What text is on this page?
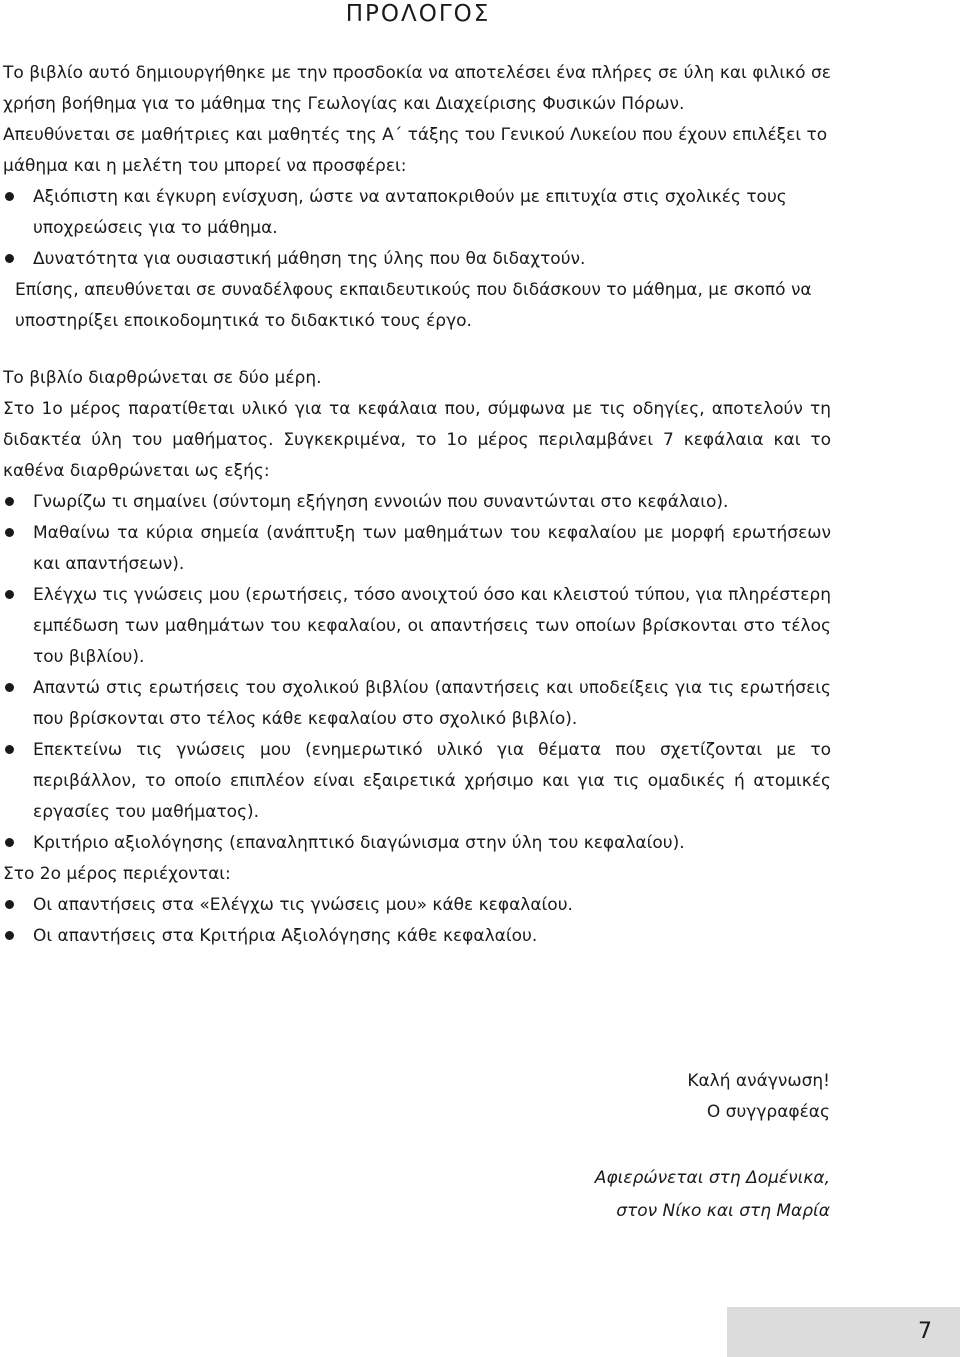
ΠΡΟΛΟΓΟΣ

Το βιβλίο αυτό δημιουργήθηκε με την προσδοκία να αποτελέσει ένα πλήρες σε ύλη και φιλικό σε χρήση βοήθημα για το μάθημα της Γεωλογίας και Διαχείρισης Φυσικών Πόρων.

Απευθύνεται σε μαθήτριες και μαθητές της Α΄ τάξης του Γενικού Λυκείου που έχουν επιλέξει το μάθημα και η μελέτη του μπορεί να προσφέρει:

Αξιόπιστη και έγκυρη ενίσχυση, ώστε να ανταποκριθούν με επιτυχία στις σχολικές τους υποχρεώσεις για το μάθημα.
Δυνατότητα για ουσιαστική μάθηση της ύλης που θα διδαχτούν.

Επίσης, απευθύνεται σε συναδέλφους εκπαιδευτικούς που διδάσκουν το μάθημα, με σκοπό να υποστηρίξει εποικοδομητικά το διδακτικό τους έργο.

Το βιβλίο διαρθρώνεται σε δύο μέρη.

Στο 1ο μέρος παρατίθεται υλικό για τα κεφάλαια που, σύμφωνα με τις οδηγίες, αποτελούν τη διδακτέα ύλη του μαθήματος. Συγκεκριμένα, το 1ο μέρος περιλαμβάνει 7 κεφάλαια και το καθένα διαρθρώνεται ως εξής:

Γνωρίζω τι σημαίνει (σύντομη εξήγηση εννοιών που συναντώνται στο κεφάλαιο).
Μαθαίνω τα κύρια σημεία (ανάπτυξη των μαθημάτων του κεφαλαίου με μορφή ερωτήσεων και απαντήσεων).
Ελέγχω τις γνώσεις μου (ερωτήσεις, τόσο ανοιχτού όσο και κλειστού τύπου, για πληρέστερη εμπέδωση των μαθημάτων του κεφαλαίου, οι απαντήσεις των οποίων βρίσκονται στο τέλος του βιβλίου).
Απαντώ στις ερωτήσεις του σχολικού βιβλίου (απαντήσεις και υποδείξεις για τις ερωτήσεις που βρίσκονται στο τέλος κάθε κεφαλαίου στο σχολικό βιβλίο).
Επεκτείνω τις γνώσεις μου (ενημερωτικό υλικό για θέματα που σχετίζονται με το περιβάλλον, το οποίο επιπλέον είναι εξαιρετικά χρήσιμο και για τις ομαδικές ή ατομικές εργασίες του μαθήματος).
Κριτήριο αξιολόγησης (επαναληπτικό διαγώνισμα στην ύλη του κεφαλαίου).

Στο 2ο μέρος περιέχονται:

Οι απαντήσεις στα «Ελέγχω τις γνώσεις μου» κάθε κεφαλαίου.
Οι απαντήσεις στα Κριτήρια Αξιολόγησης κάθε κεφαλαίου.

Καλή ανάγνωση!

Ο συγγραφέας

Αφιερώνεται στη Δομένικα,

στον Νίκο και στη Μαρία

7
